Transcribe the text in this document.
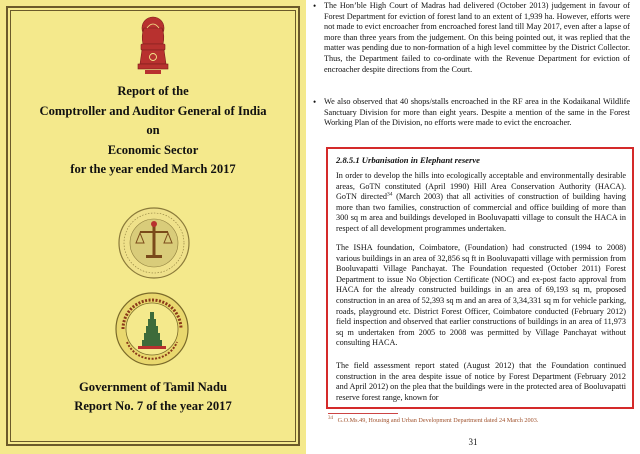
Report of the
Comptroller and Auditor General of India
on
Economic Sector
for the year ended March 2017
Government of Tamil Nadu
Report No. 7 of the year 2017
• The Hon’ble High Court of Madras had delivered (October 2013) judgement in favour of Forest Department for eviction of forest land to an extent of 1,939 ha. However, efforts were not made to evict encroacher from encroached forest land till May 2017, even after a lapse of more than three years from the judgement. On this being pointed out, it was replied that the matter was pending due to non-formation of a high level committee by the District Collector. Thus, the Department failed to co-ordinate with the Revenue Department for eviction of encroacher despite directions from the Court.
• We also observed that 40 shops/stalls encroached in the RF area in the Kodaikanal Wildlife Sanctuary Division for more than eight years. Despite a mention of the same in the Forest Working Plan of the Division, no efforts were made to evict the encroacher.
2.8.5.1 Urbanisation in Elephant reserve
In order to develop the hills into ecologically acceptable and environmentally desirable areas, GoTN constituted (April 1990) Hill Area Conservation Authority (HACA). GoTN directed$^{34}$ (March 2003) that all activities of construction of building having more than two families, construction of commercial and office building of more than 300 sq m area and buildings developed in Booluvapatti village to consult the HACA in respect of all development programmes undertaken.
The ISHA foundation, Coimbatore, (Foundation) had constructed (1994 to 2008) various buildings in an area of 32,856 sq ft in Booluvapatti village with permission from Booluvapatti Village Panchayat. The Foundation requested (October 2011) Forest Department to issue No Objection Certificate (NOC) and ex-post facto approval from HACA for the already constructed buildings in an area of 69,193 sq m, proposed construction in an area of 52,393 sq m and an area of 3,34,331 sq m for vehicle parking, roads, playground etc. District Forest Officer, Coimbatore conducted (February 2012) field inspection and observed that earlier constructions of buildings in an area of 11,973 sq m undertaken from 2005 to 2008 was permitted by Village Panchayat without consulting HACA.
The field assessment report stated (August 2012) that the Foundation continued construction in the area despite issue of notice by Forest Department (February 2012 and April 2012) on the plea that the buildings were in the protected area of Booluvapatti reserve forest range, known for
$^{34}$ G.O.Ms.49, Housing and Urban Development Department dated 24 March 2003.
31
